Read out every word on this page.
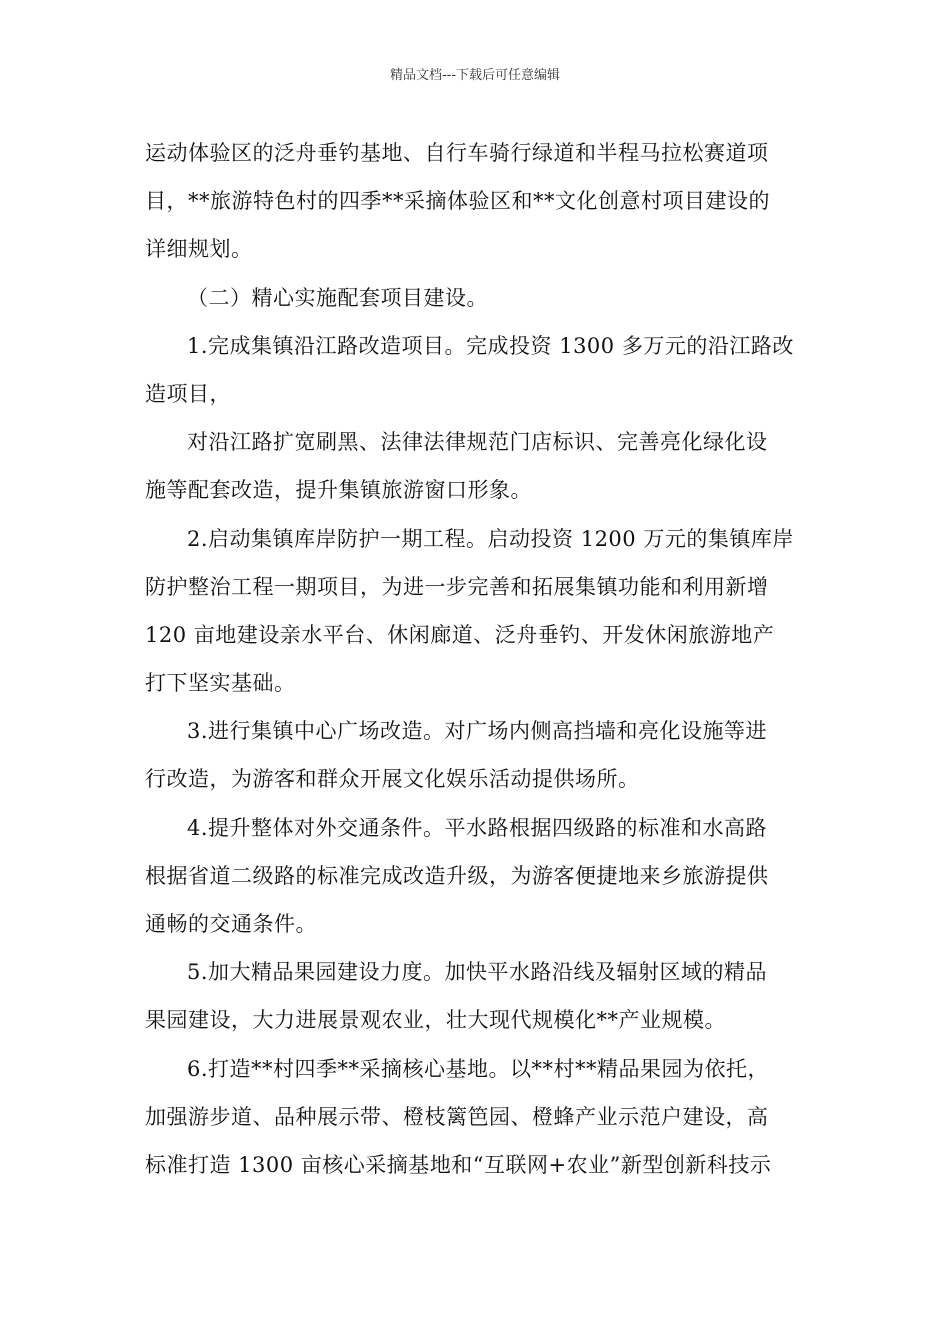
精品文档---下载后可任意编辑
运动体验区的泛舟垂钓基地、自行车骑行绿道和半程马拉松赛道项
目，**旅游特色村的四季**采摘体验区和**文化创意村项目建设的
详细规划。
（二）精心实施配套项目建设。
1.完成集镇沿江路改造项目。完成投资 1300 多万元的沿江路改
造项目，
对沿江路扩宽刷黑、法律法律规范门店标识、完善亮化绿化设
施等配套改造，提升集镇旅游窗口形象。
2.启动集镇库岸防护一期工程。启动投资 1200 万元的集镇库岸
防护整治工程一期项目，为进一步完善和拓展集镇功能和利用新增
120 亩地建设亲水平台、休闲廊道、泛舟垂钓、开发休闲旅游地产
打下坚实基础。
3.进行集镇中心广场改造。对广场内侧高挡墙和亮化设施等进
行改造，为游客和群众开展文化娱乐活动提供场所。
4.提升整体对外交通条件。平水路根据四级路的标准和水高路
根据省道二级路的标准完成改造升级，为游客便捷地来乡旅游提供
通畅的交通条件。
5.加大精品果园建设力度。加快平水路沿线及辐射区域的精品
果园建设，大力进展景观农业，壮大现代规模化**产业规模。
6.打造**村四季**采摘核心基地。以**村**精品果园为依托，
加强游步道、品种展示带、橙枝篱笆园、橙蜂产业示范户建设，高
标准打造 1300 亩核心采摘基地和“互联网+农业”新型创新科技示
